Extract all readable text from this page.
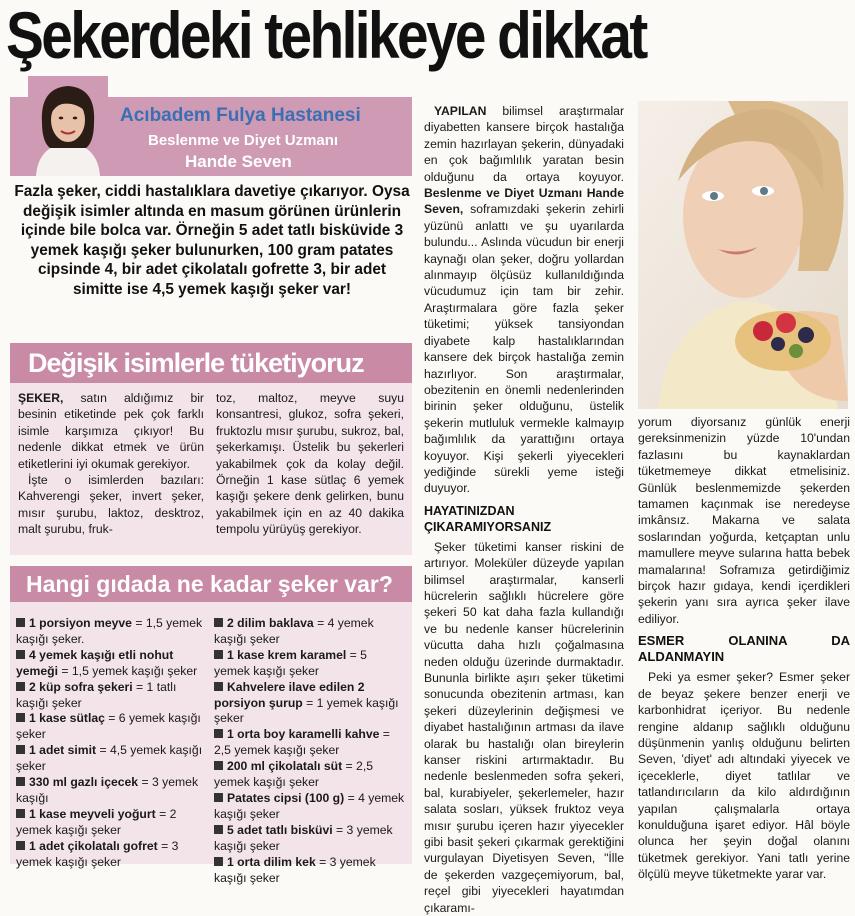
Şekerdeki tehlikeye dikkat
Acıbadem Fulya Hastanesi
Beslenme ve Diyet Uzmanı
Hande Seven
Fazla şeker, ciddi hastalıklara davetiye çıkarıyor. Oysa değişik isimler altında en masum görünen ürünlerin içinde bile bolca var. Örneğin 5 adet tatlı bisküvide 3 yemek kaşığı şeker bulunurken, 100 gram patates cipsinde 4, bir adet çikolatalı gofrette 3, bir adet simitte ise 4,5 yemek kaşığı şeker var!
Değişik isimlerle tüketiyoruz

ŞEKER, satın aldığımız bir besinin etiketinde pek çok farklı isimle karşımıza çıkıyor! Bu nedenle dikkat etmek ve ürün etiketlerini iyi okumak gerekiyor.

İşte o isimlerden bazıları: Kahverengi şeker, invert şeker, mısır şurubu, laktoz, desktroz, malt şurubu, fruk-

toz, maltoz, meyve suyu konsantresi, glukoz, sofra şekeri, fruktozlu mısır şurubu, sukroz, bal, şekerkamışı. Üstelik bu şekerleri yakabilmek çok da kolay değil. Örneğin 1 kase sütlaç 6 yemek kaşığı şekere denk gelirken, bunu yakabilmek için en az 40 dakika tempolu yürüyüş gerekiyor.

Hangi gıdada ne kadar şeker var?
1 porsiyon meyve = 1,5 yemek kaşığı şeker.
4 yemek kaşığı etli nohut yemeği = 1,5 yemek kaşığı şeker
2 küp sofra şekeri = 1 tatlı kaşığı şeker
1 kase sütlaç = 6 yemek kaşığı şeker
1 adet simit = 4,5 yemek kaşığı şeker
330 ml gazlı içecek = 3 yemek kaşığı
1 kase meyveli yoğurt = 2 yemek kaşığı şeker
1 adet çikolatalı gofret = 3 yemek kaşığı şeker
2 dilim baklava = 4 yemek kaşığı şeker
1 kase krem karamel = 5 yemek kaşığı şeker
Kahvelere ilave edilen 2 porsiyon şurup = 1 yemek kaşığı şeker
1 orta boy karamelli kahve = 2,5 yemek kaşığı şeker
200 ml çikolatalı süt = 2,5 yemek kaşığı şeker
Patates cipsi (100 g) = 4 yemek kaşığı şeker
5 adet tatlı bisküvi = 3 yemek kaşığı şeker
1 orta dilim kek = 3 yemek kaşığı şeker

YAPILAN bilimsel araştırmalar diyabetten kansere birçok hastalığa zemin hazırlayan şekerin, dünyadaki en çok bağımlılık yaratan besin olduğunu da ortaya koyuyor. Beslenme ve Diyet Uzmanı Hande Seven, soframızdaki şekerin zehirli yüzünü anlattı ve şu uyarılarda bulundu... Aslında vücudun bir enerji kaynağı olan şeker, doğru yollardan alınmayıp ölçüsüz kullanıldığında vücudumuz için tam bir zehir. Araştırmalara göre fazla şeker tüketimi; yüksek tansiyondan diyabete kalp hastalıklarından kansere dek birçok hastalığa zemin hazırlıyor. Son araştırmalar, obezitenin en önemli nedenlerinden birinin şeker olduğunu, üstelik şekerin mutluluk vermekle kalmayıp bağımlılık da yarattığını ortaya koyuyor. Kişi şekerli yiyecekleri yediğinde sürekli yeme isteği duyuyor.

HAYATINIZDAN ÇIKARAMIYORSANIZ

Şeker tüketimi kanser riskini de artırıyor. Moleküler düzeyde yapılan bilimsel araştırmalar, kanserli hücrelerin sağlıklı hücrelere göre şekeri 50 kat daha fazla kullandığı ve bu nedenle kanser hücrelerinin vücutta daha hızlı çoğalmasına neden olduğu üzerinde durmaktadır. Bununla birlikte aşırı şeker tüketimi sonucunda obezitenin artması, kan şekeri düzeylerinin değişmesi ve diyabet hastalığının artması da ilave olarak bu hastalığı olan bireylerin kanser riskini artırmaktadır. Bu nedenle beslenmeden sofra şekeri, bal, kurabiyeler, şekerlemeler, hazır salata sosları, yüksek fruktoz veya mısır şurubu içeren hazır yiyecekler gibi basit şekeri çıkarmak gerektiğini vurgulayan Diyetisyen Seven, "İlle de şekerden vazgeçemiyorum, bal, reçel gibi yiyecekleri hayatımdan çıkaramı-

yorum diyorsanız günlük enerji gereksinmenizin yüzde 10'undan fazlasını bu kaynaklardan tüketmemeye dikkat etmelisiniz. Günlük beslenmemizde şekerden tamamen kaçınmak ise neredeyse imkânsız. Makarna ve salata soslarından yoğurda, ketçaptan unlu mamullere meyve sularına hatta bebek mamalarına! Soframıza getirdiğimiz birçok hazır gıdaya, kendi içerdikleri şekerin yanı sıra ayrıca şeker ilave ediliyor.

ESMER OLANINA DA ALDANMAYIN

Peki ya esmer şeker? Esmer şeker de beyaz şekere benzer enerji ve karbonhidrat içeriyor. Bu nedenle rengine aldanıp sağlıklı olduğunu düşünmenin yanlış olduğunu belirten Seven, 'diyet' adı altındaki yiyecek ve içeceklerle, diyet tatlılar ve tatlandırıcıların da kilo aldırdığının yapılan çalışmalarla ortaya konulduğuna işaret ediyor. Hâl böyle olunca her şeyin doğal olanını tüketmek gerekiyor. Yani tatlı yerine ölçülü meyve tüketmekte yarar var.
